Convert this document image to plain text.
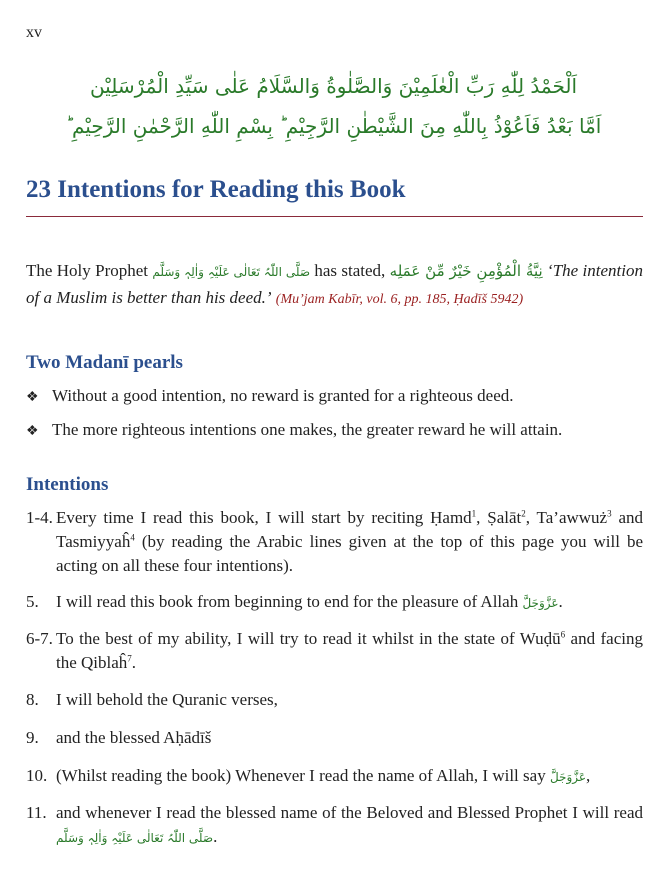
xv
اَلْحَمْدُ لِلّٰهِ رَبِّ الْعٰلَمِیْنَ وَالصَّلٰوةُ وَالسَّلَامُ عَلٰی سَیِّدِ الْمُرْسَلِیْن
اَمَّا بَعْدُ فَاَعُوْذُ بِاللّٰهِ مِنَ الشَّیْطٰنِ الرَّجِیْمِ ؕ بِسْمِ اللّٰهِ الرَّحْمٰنِ الرَّحِیْمِ ؕ
23 Intentions for Reading this Book
The Holy Prophet صَلَّی اللّٰہُ تَعَالٰی عَلَیْہِ وَاٰلِہٖ وَسَلَّم has stated, نِیَّةُ الْمُؤْمِنِ خَیْرٌ مِّنْ عَمَلِه ‘The intention of a Muslim is better than his deed.’ (Mu’jam Kabīr, vol. 6, pp. 185, Ḥadīš 5942)
Two Madanī pearls
❖ Without a good intention, no reward is granted for a righteous deed.
❖ The more righteous intentions one makes, the greater reward he will attain.
Intentions
1-4. Every time I read this book, I will start by reciting Ḥamd$^1$, Ṣalāt$^2$, Ta’awwuż$^3$ and Tasmiyyaĥ$^4$ (by reading the Arabic lines given at the top of this page you will be acting on all these four intentions).
5.	I will read this book from beginning to end for the pleasure of Allah عَزَّوَجَلَّ.
6-7. To the best of my ability, I will try to read it whilst in the state of Wuḍū$^6$ and facing the Qiblaĥ$^7$.
8.	I will behold the Quranic verses,
9.	and the blessed Aḥādīš
10. (Whilst reading the book) Whenever I read the name of Allah, I will say عَزَّوَجَلَّ,
11. and whenever I read the blessed name of the Beloved and Blessed Prophet I will read صَلَّی اللّٰہُ تَعَالٰی عَلَیْہِ وَاٰلِہٖ وَسَلَّم.
